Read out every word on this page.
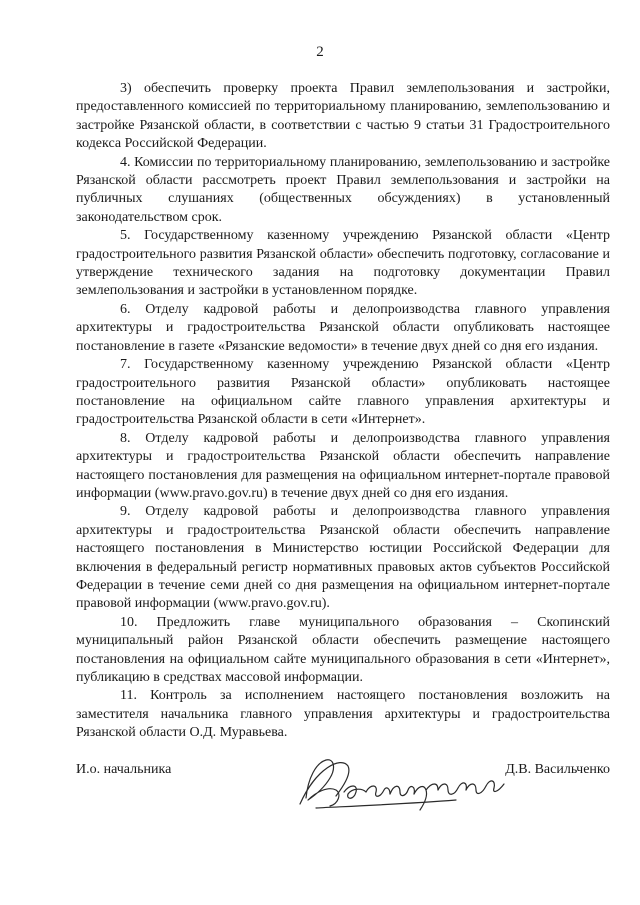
2

3) обеспечить проверку проекта Правил землепользования и застройки, предоставленного комиссией по территориальному планированию, землепользованию и застройке Рязанской области, в соответствии с частью 9 статьи 31 Градостроительного кодекса Российской Федерации.

4. Комиссии по территориальному планированию, землепользованию и застройке Рязанской области рассмотреть проект Правил землепользования и застройки на публичных слушаниях (общественных обсуждениях) в установленный законодательством срок.

5. Государственному казенному учреждению Рязанской области «Центр градостроительного развития Рязанской области» обеспечить подготовку, согласование и утверждение технического задания на подготовку документации Правил землепользования и застройки в установленном порядке.

6. Отделу кадровой работы и делопроизводства главного управления архитектуры и градостроительства Рязанской области опубликовать настоящее постановление в газете «Рязанские ведомости» в течение двух дней со дня его издания.

7. Государственному казенному учреждению Рязанской области «Центр градостроительного развития Рязанской области» опубликовать настоящее постановление на официальном сайте главного управления архитектуры и градостроительства Рязанской области в сети «Интернет».

8. Отделу кадровой работы и делопроизводства главного управления архитектуры и градостроительства Рязанской области обеспечить направление настоящего постановления для размещения на официальном интернет-портале правовой информации (www.pravo.gov.ru) в течение двух дней со дня его издания.

9. Отделу кадровой работы и делопроизводства главного управления архитектуры и градостроительства Рязанской области обеспечить направление настоящего постановления в Министерство юстиции Российской Федерации для включения в федеральный регистр нормативных правовых актов субъектов Российской Федерации в течение семи дней со дня размещения на официальном интернет-портале правовой информации (www.pravo.gov.ru).

10. Предложить главе муниципального образования – Скопинский муниципальный район Рязанской области обеспечить размещение настоящего постановления на официальном сайте муниципального образования в сети «Интернет», публикацию в средствах массовой информации.

11. Контроль за исполнением настоящего постановления возложить на заместителя начальника главного управления архитектуры и градостроительства Рязанской области О.Д. Муравьева.

И.о. начальника	Д.В. Васильченко
